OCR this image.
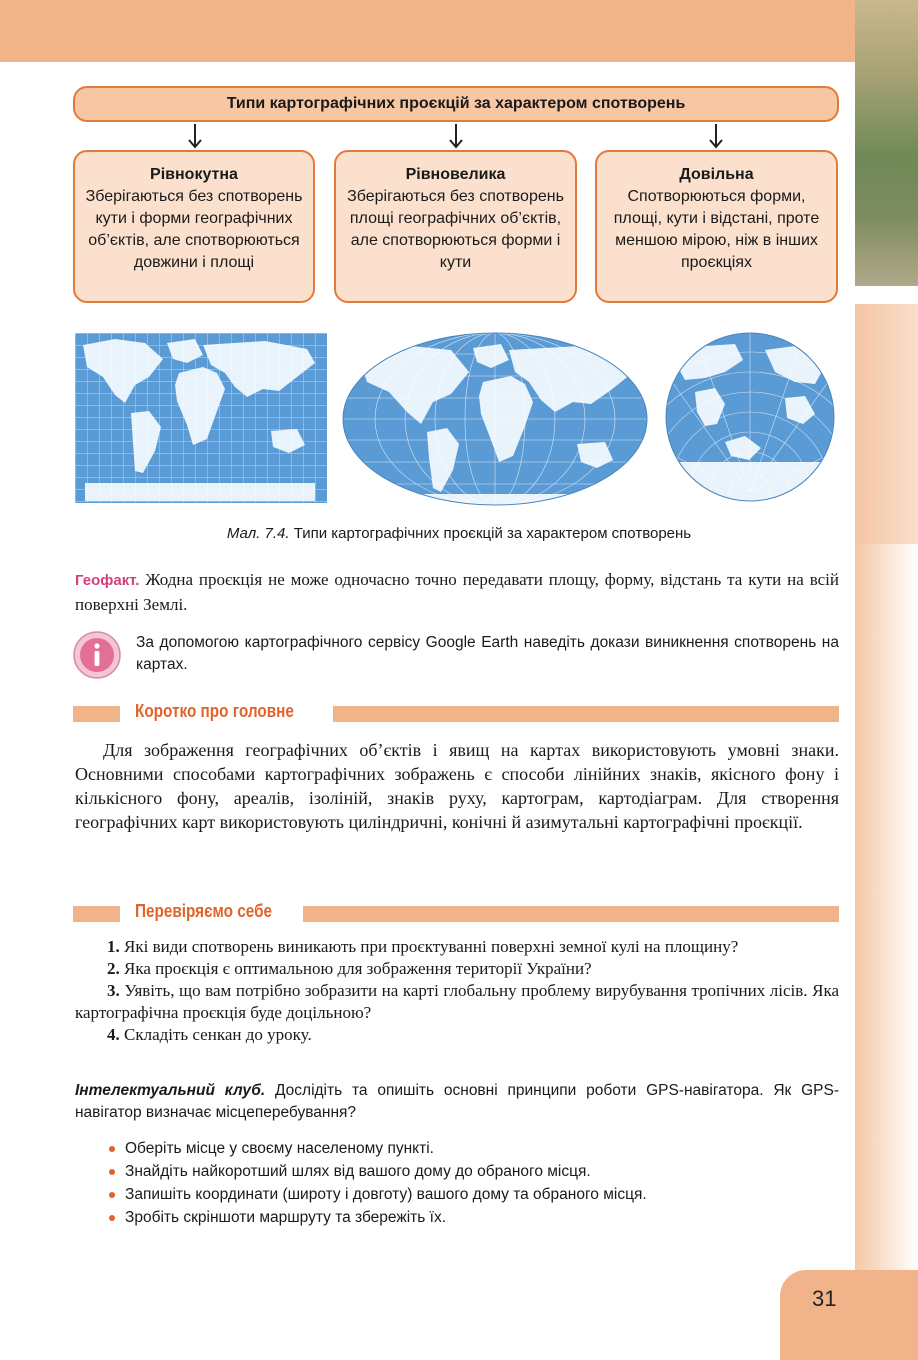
Типи картографічних проєкцій за характером спотворень
Рівнокутна
Зберігаються без спотворень кути і форми географічних об’єктів, але спотворюються довжини і площі
Рівновелика
Зберігаються без спотворень площі географічних об’єктів, але спотворюються форми і кути
Довільна
Спотворюються форми, площі, кути і відстані, проте меншою мірою, ніж в інших проєкціях
Мал. 7.4. Типи картографічних проєкцій за характером спотворень
Геофакт. Жодна проєкція не може одночасно точно передавати площу, форму, відстань та кути на всій поверхні Землі.
За допомогою картографічного сервісу Google Earth наведіть докази виникнення спотворень на картах.
Коротко про головне
Для зображення географічних об’єктів і явищ на картах використовують умовні знаки. Основними способами картографічних зображень є способи лінійних знаків, якісного фону і кількісного фону, ареалів, ізоліній, знаків руху, картограм, картодіаграм. Для створення географічних карт використовують циліндричні, конічні й азимутальні картографічні проєкції.
Перевіряємо себе

1. Які види спотворень виникають при проєктуванні поверхні земної кулі на площину?

2. Яка проєкція є оптимальною для зображення території України?

3. Уявіть, що вам потрібно зобразити на карті глобальну проблему вирубування тропічних лісів. Яка картографічна проєкція буде доцільною?

4. Складіть сенкан до уроку.

Інтелектуальний клуб. Дослідіть та опишіть основні принципи роботи GPS-навігатора. Як GPS-навігатор визначає місцеперебування?
Оберіть місце у своєму населеному пункті.
Знайдіть найкоротший шлях від вашого дому до обраного місця.
Запишіть координати (широту і довготу) вашого дому та обраного місця.
Зробіть скріншоти маршруту та збережіть їх.
31
